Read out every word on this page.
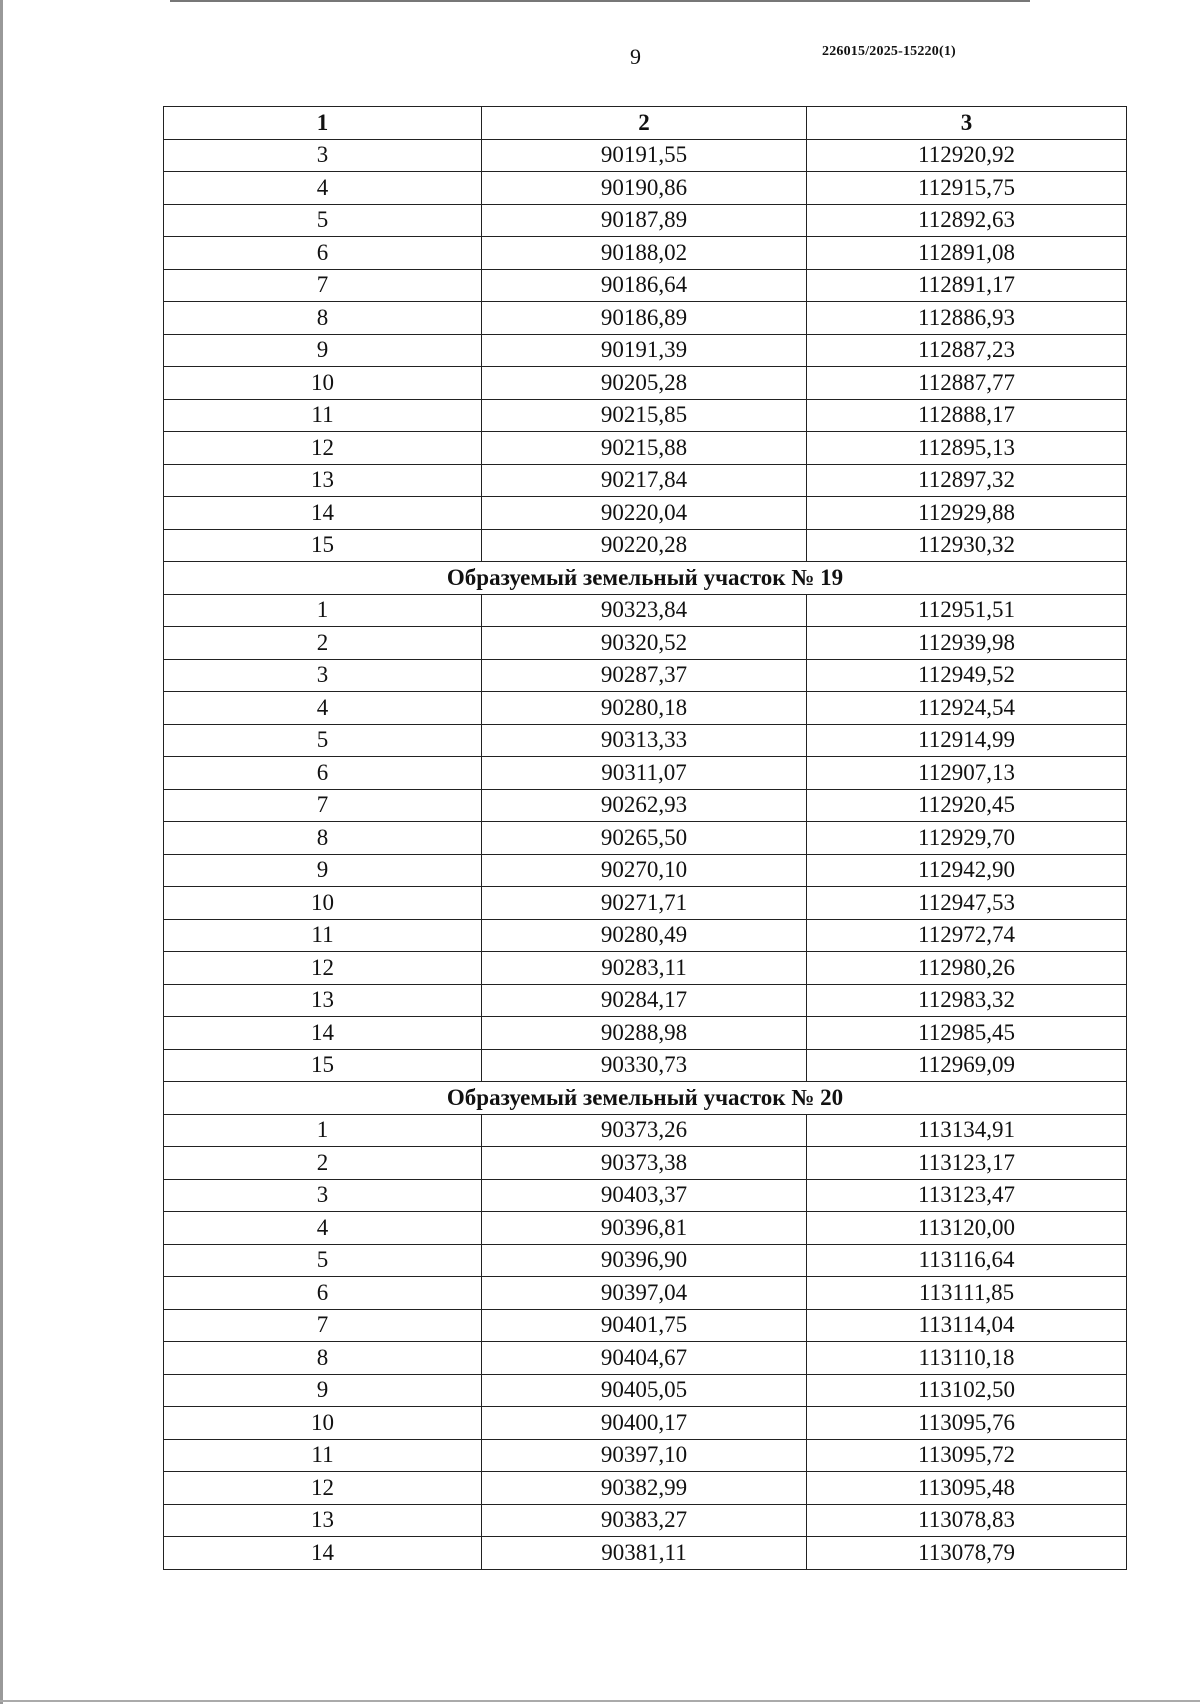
9	226015/2025-15220(1)
1	2	3
3	90191,55	112920,92
4	90190,86	112915,75
5	90187,89	112892,63
6	90188,02	112891,08
7	90186,64	112891,17
8	90186,89	112886,93
9	90191,39	112887,23
10	90205,28	112887,77
11	90215,85	112888,17
12	90215,88	112895,13
13	90217,84	112897,32
14	90220,04	112929,88
15	90220,28	112930,32
Образуемый земельный участок № 19		
1	90323,84	112951,51
2	90320,52	112939,98
3	90287,37	112949,52
4	90280,18	112924,54
5	90313,33	112914,99
6	90311,07	112907,13
7	90262,93	112920,45
8	90265,50	112929,70
9	90270,10	112942,90
10	90271,71	112947,53
11	90280,49	112972,74
12	90283,11	112980,26
13	90284,17	112983,32
14	90288,98	112985,45
15	90330,73	112969,09
Образуемый земельный участок № 20		
1	90373,26	113134,91
2	90373,38	113123,17
3	90403,37	113123,47
4	90396,81	113120,00
5	90396,90	113116,64
6	90397,04	113111,85
7	90401,75	113114,04
8	90404,67	113110,18
9	90405,05	113102,50
10	90400,17	113095,76
11	90397,10	113095,72
12	90382,99	113095,48
13	90383,27	113078,83
14	90381,11	113078,79
